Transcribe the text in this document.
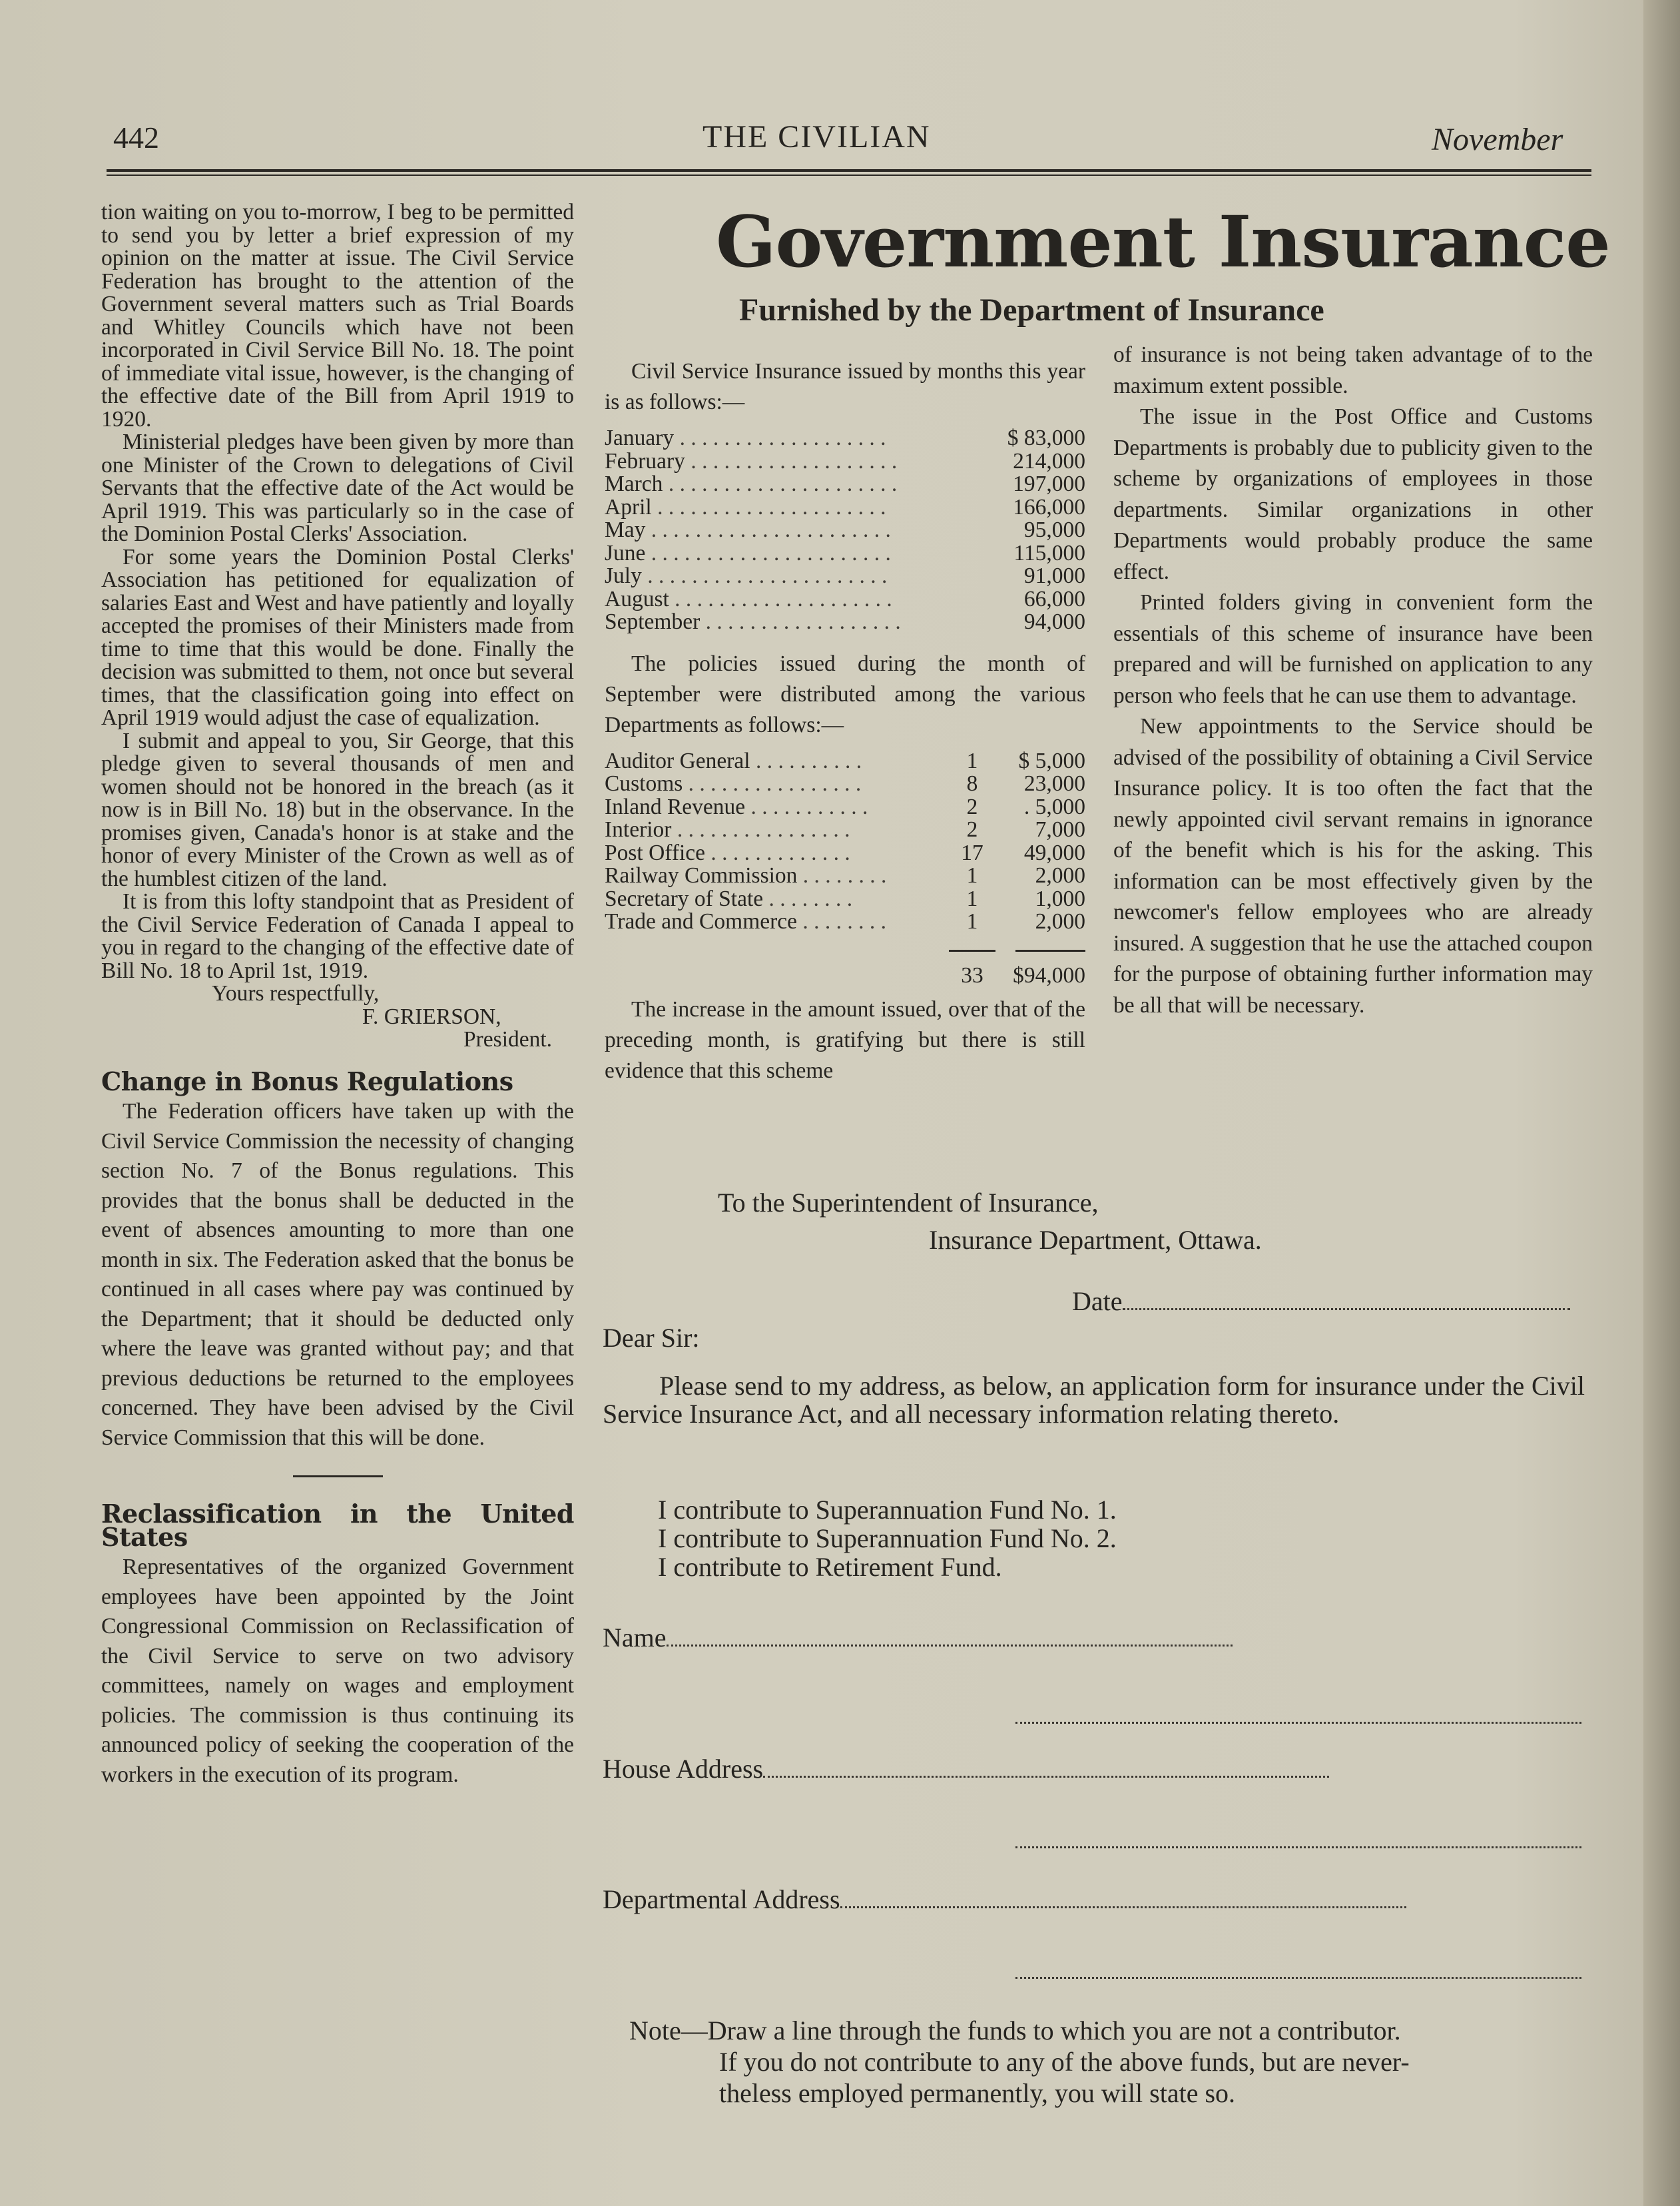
442	THE CIVILIAN	November

tion waiting on you to-morrow, I beg to be permitted to send you by letter a brief expression of my opinion on the matter at issue. The Civil Service Federation has brought to the attention of the Government several matters such as Trial Boards and Whitley Councils which have not been incorporated in Civil Service Bill No. 18. The point of immediate vital issue, however, is the changing of the effective date of the Bill from April 1919 to 1920.

Ministerial pledges have been given by more than one Minister of the Crown to delegations of Civil Servants that the effective date of the Act would be April 1919. This was particularly so in the case of the Dominion Postal Clerks' Association.

For some years the Dominion Postal Clerks' Association has petitioned for equalization of salaries East and West and have patiently and loyally accepted the promises of their Ministers made from time to time that this would be done. Finally the decision was submitted to them, not once but several times, that the classification going into effect on April 1919 would adjust the case of equalization.

I submit and appeal to you, Sir George, that this pledge given to several thousands of men and women should not be honored in the breach (as it now is in Bill No. 18) but in the observance. In the promises given, Canada's honor is at stake and the honor of every Minister of the Crown as well as of the humblest citizen of the land.

It is from this lofty standpoint that as President of the Civil Service Federation of Canada I appeal to you in regard to the changing of the effective date of Bill No. 18 to April 1st, 1919.

Yours respectfully,

F. GRIERSON,

President.

Change in Bonus Regulations

The Federation officers have taken up with the Civil Service Commission the necessity of changing section No. 7 of the Bonus regulations. This provides that the bonus shall be deducted in the event of absences amounting to more than one month in six. The Federation asked that the bonus be continued in all cases where pay was continued by the Department; that it should be deducted only where the leave was granted without pay; and that previous deductions be returned to the employees concerned. They have been advised by the Civil Service Commission that this will be done.

Reclassification in the United States

Representatives of the organized Government employees have been appointed by the Joint Congressional Commission on Reclassification of the Civil Service to serve on two advisory committees, namely on wages and employment policies. The commission is thus continuing its announced policy of seeking the cooperation of the workers in the execution of its program.

Government Insurance
Furnished by the Department of Insurance

Civil Service Insurance issued by months this year is as follows:—

January . . . . . . . . . . . . . . . . . . .	$ 83,000
February . . . . . . . . . . . . . . . . . . .	214,000
March . . . . . . . . . . . . . . . . . . . . .	197,000
April . . . . . . . . . . . . . . . . . . . . .	166,000
May . . . . . . . . . . . . . . . . . . . . . .	95,000
June . . . . . . . . . . . . . . . . . . . . . .	115,000
July . . . . . . . . . . . . . . . . . . . . . .	91,000
August . . . . . . . . . . . . . . . . . . . .	66,000
September . . . . . . . . . . . . . . . . . .	94,000

The policies issued during the month of September were distributed among the various Departments as follows:—

Auditor General . . . . . . . . . .	1	$ 5,000
Customs . . . . . . . . . . . . . . . .	8	23,000
Inland Revenue . . . . . . . . . . .	2	. 5,000
Interior . . . . . . . . . . . . . . . .	2	7,000
Post Office . . . . . . . . . . . . .	17	49,000
Railway Commission . . . . . . . .	1	2,000
Secretary of State . . . . . . . .	1	1,000
Trade and Commerce . . . . . . . .	1	2,000

	33	$94,000

The increase in the amount issued, over that of the preceding month, is gratifying but there is still evidence that this scheme

of insurance is not being taken advantage of to the maximum extent possible.

The issue in the Post Office and Customs Departments is probably due to publicity given to the scheme by organizations of employees in those departments. Similar organizations in other Departments would probably produce the same effect.

Printed folders giving in convenient form the essentials of this scheme of insurance have been prepared and will be furnished on application to any person who feels that he can use them to advantage.

New appointments to the Service should be advised of the possibility of obtaining a Civil Service Insurance policy. It is too often the fact that the newly appointed civil servant remains in ignorance of the benefit which is his for the asking. This information can be most effectively given by the newcomer's fellow employees who are already insured. A suggestion that he use the attached coupon for the purpose of obtaining further information may be all that will be necessary.

To the Superintendent of Insurance,
Insurance Department, Ottawa.
Date
Dear Sir:
Please send to my address, as below, an application form for insurance under the Civil Service Insurance Act, and all necessary information relating thereto.
I contribute to Superannuation Fund No. 1.
I contribute to Superannuation Fund No. 2.
I contribute to Retirement Fund.
Name
House Address
Departmental Address
Note—Draw a line through the funds to which you are not a contributor.
If you do not contribute to any of the above funds, but are never-
theless employed permanently, you will state so.
